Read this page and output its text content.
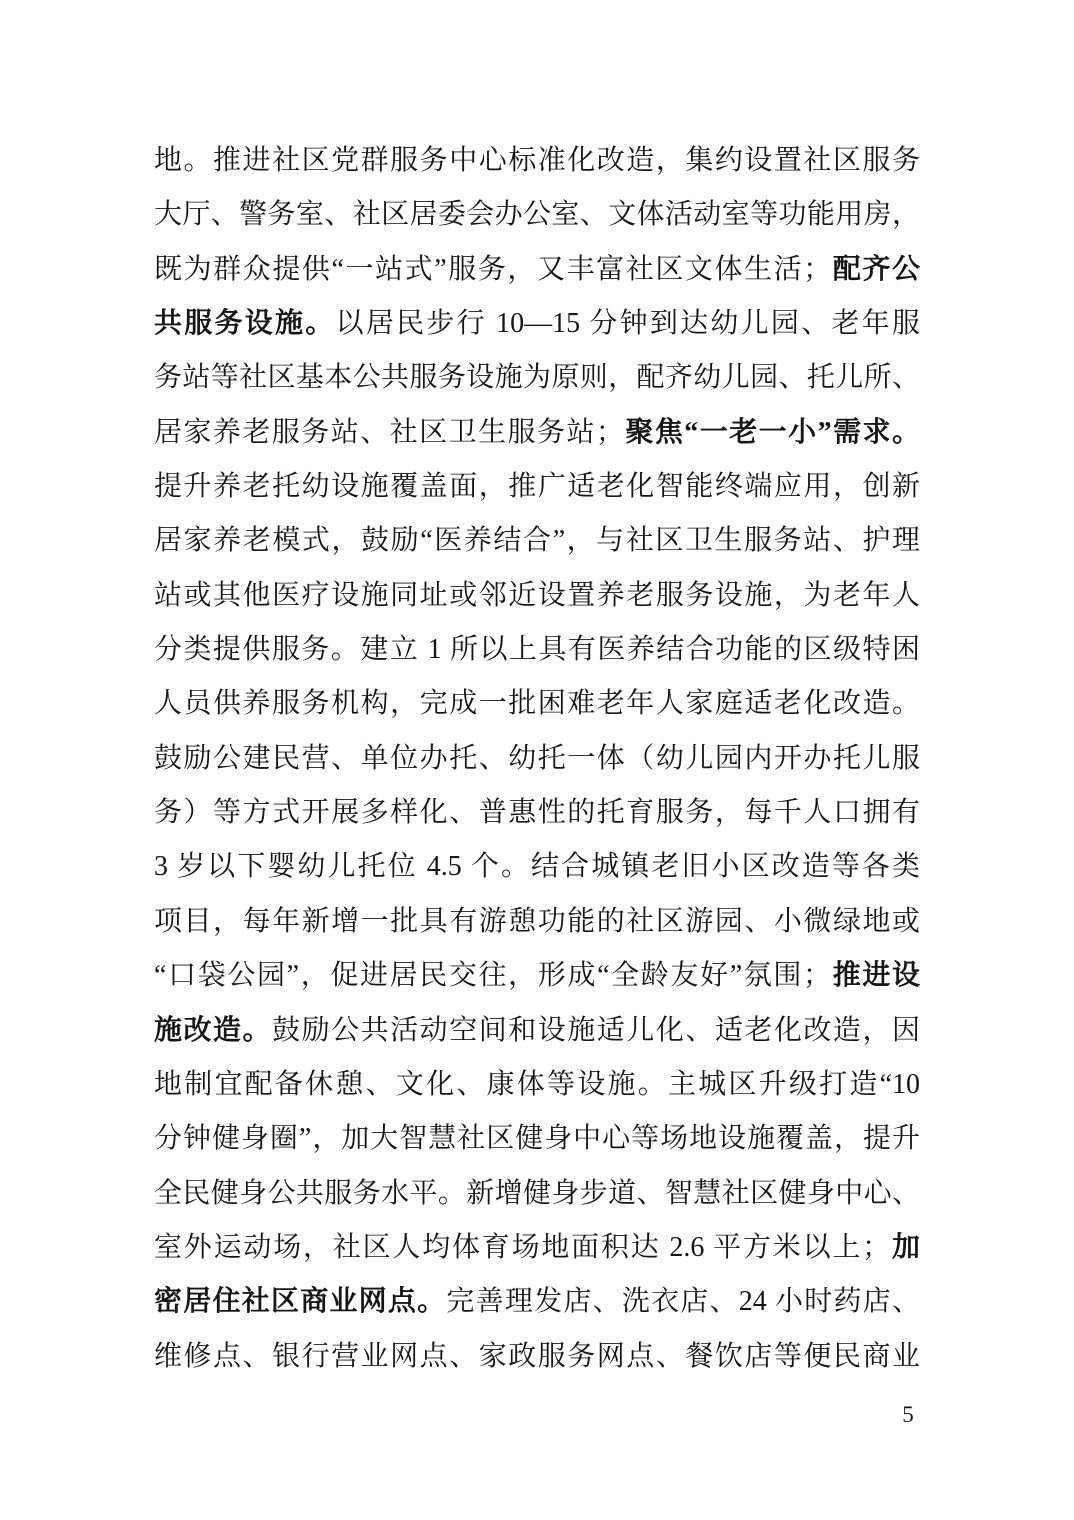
地。推进社区党群服务中心标准化改造，集约设置社区服务
大厅、警务室、社区居委会办公室、文体活动室等功能用房，
既为群众提供“一站式”服务，又丰富社区文体生活；配齐公
共服务设施。以居民步行 10—15 分钟到达幼儿园、老年服
务站等社区基本公共服务设施为原则，配齐幼儿园、托儿所、
居家养老服务站、社区卫生服务站；聚焦“一老一小”需求。
提升养老托幼设施覆盖面，推广适老化智能终端应用，创新
居家养老模式，鼓励“医养结合”，与社区卫生服务站、护理
站或其他医疗设施同址或邻近设置养老服务设施，为老年人
分类提供服务。建立 1 所以上具有医养结合功能的区级特困
人员供养服务机构，完成一批困难老年人家庭适老化改造。
鼓励公建民营、单位办托、幼托一体（幼儿园内开办托儿服
务）等方式开展多样化、普惠性的托育服务，每千人口拥有
3 岁以下婴幼儿托位 4.5 个。结合城镇老旧小区改造等各类
项目，每年新增一批具有游憩功能的社区游园、小微绿地或
“口袋公园”，促进居民交往，形成“全龄友好”氛围；推进设
施改造。鼓励公共活动空间和设施适儿化、适老化改造，因
地制宜配备休憩、文化、康体等设施。主城区升级打造“10
分钟健身圈”，加大智慧社区健身中心等场地设施覆盖，提升
全民健身公共服务水平。新增健身步道、智慧社区健身中心、
室外运动场，社区人均体育场地面积达 2.6 平方米以上；加
密居住社区商业网点。完善理发店、洗衣店、24 小时药店、
维修点、银行营业网点、家政服务网点、餐饮店等便民商业
5
